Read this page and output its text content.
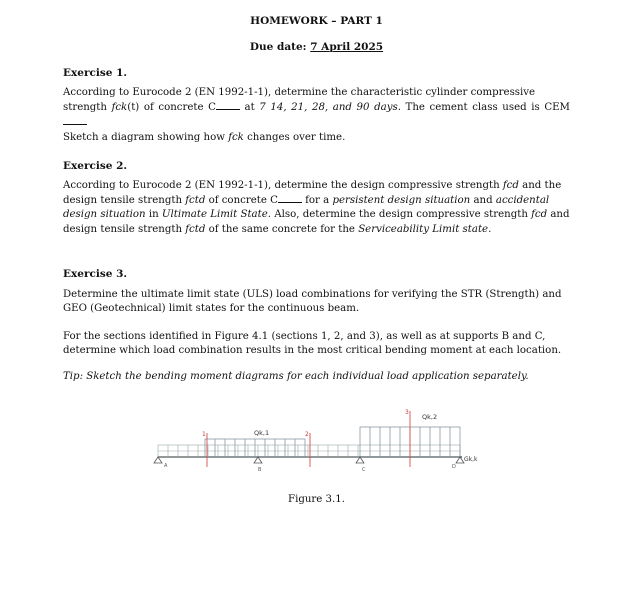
HOMEWORK – PART 1
Due date: 7 April 2025
Exercise 1.
According to Eurocode 2 (EN 1992-1-1), determine the characteristic cylinder compressive
strength fck(t) of concrete C at 7 14, 21, 28, and 90 days. The cement class used is CEM
Sketch a diagram showing how fck changes over time.
Exercise 2.
According to Eurocode 2 (EN 1992-1-1), determine the design compressive strength fcd and the
design tensile strength fctd of concrete C for a persistent design situation and accidental
design situation in Ultimate Limit State. Also, determine the design compressive strength fcd and
design tensile strength fctd of the same concrete for the Serviceability Limit state.
Exercise 3.
Determine the ultimate limit state (ULS) load combinations for verifying the STR (Strength) and
GEO (Geotechnical) limit states for the continuous beam.
For the sections identified in Figure 4.1 (sections 1, 2, and 3), as well as at supports B and C,
determine which load combination results in the most critical bending moment at each location.
Tip: Sketch the bending moment diagrams for each individual load application separately.
1	2
3
Qk,1
Qk,2
Gk,k
A
B	C	D
Figure 3.1.
